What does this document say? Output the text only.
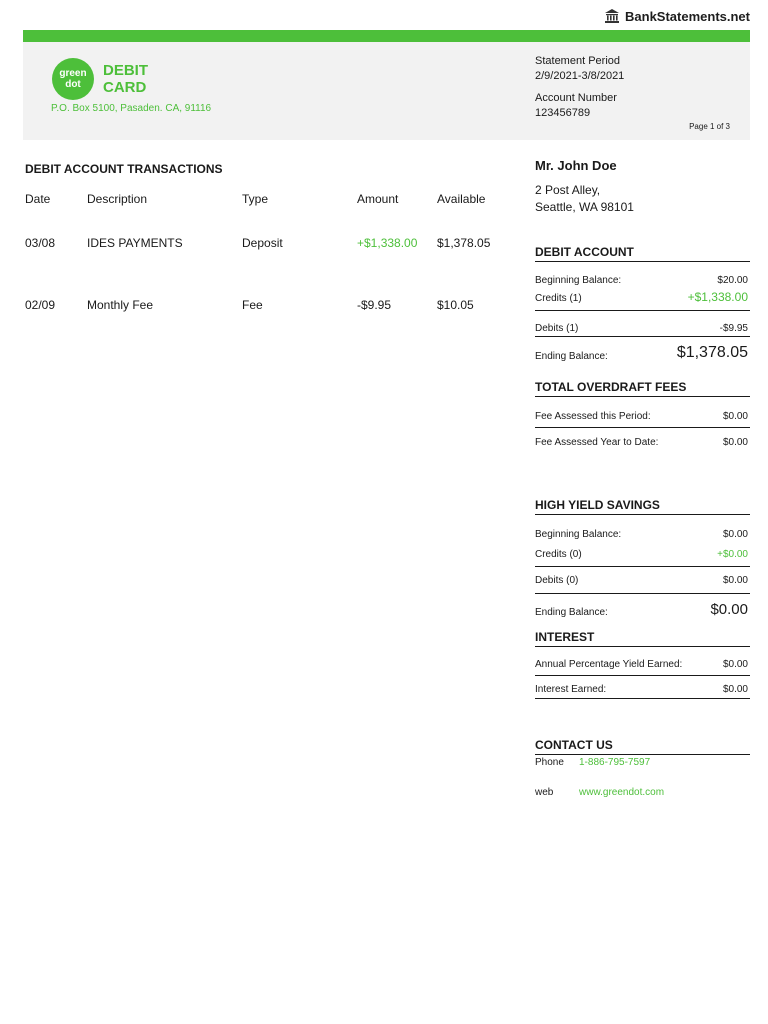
BankStatements.net
green
dot
DEBIT
CARD
P.O. Box 5100, Pasaden. CA, 91116
Statement Period
2/9/2021-3/8/2021
Account Number
123456789
Page 1 of 3
DEBIT ACCOUNT TRANSACTIONS
Date	Description	Type	Amount	Available
03/08	IDES PAYMENTS	Deposit	+$1,338.00 $1,378.05
02/09	Monthly Fee	Fee	-$9.95	$10.05
Mr. John Doe
2 Post Alley,
Seattle, WA 98101
DEBIT ACCOUNT
Beginning Balance:	$20.00
Credits (1)	+$1,338.00
Debits (1)	-$9.95
Ending Balance:	$1,378.05
TOTAL OVERDRAFT FEES
Fee Assessed this Period:	$0.00
Fee Assessed Year to Date:	$0.00
HIGH YIELD SAVINGS
Beginning Balance:	$0.00
Credits (0)	+$0.00
Debits (0)	$0.00
Ending Balance:	$0.00
INTEREST
Annual Percentage Yield Earned:	$0.00
Interest Earned:	$0.00
CONTACT US
Phone 1-886-795-7597
web	www.greendot.com
